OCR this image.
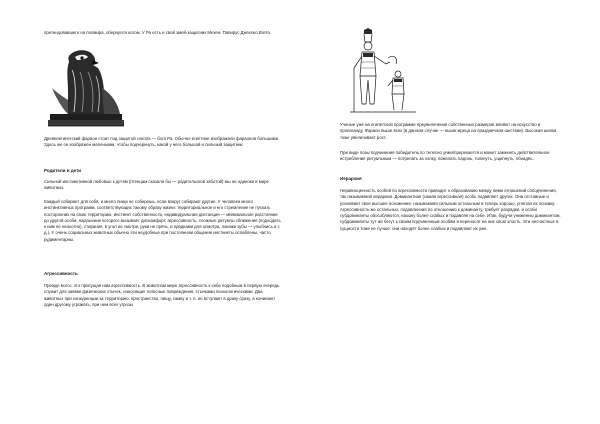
претендовавшего на полмира, обернулся котом. У Ра есть и свой змей-защитник Мехен. Папирус Джеххео Вгета.

Древнеегипетский фараон стоит под защитой сокола — бога Ра. Обычно египтяне изображали фараонов большими. Здесь же он изображен маленьким, чтобы подчеркнуть, какой у него большой и сильный защитник.

Родители и дети

Сильной инстинктивной любовью к детям (птенцам сказали бы — родительской заботой) мы не одиноки в мире животных.

Каждый собирает для себя, и много пищи не соберешь, если вокруг собирают другие. У человека много инстинктивных программ, соответствующих такому образу жизни: территориальное и его стремление не пускать посторонних на свою территорию, инстинкт собственности, индивидуальная дистанция — минимальное расстояние до другой особи, нарушение которого вызывает дискомфорт, агрессивность, сложные ритуалы сближения (подходить к ним не неохотно), стирания, в угол не смотри, руки не прячь, и предками для осмотра, покажи зубы — улыбнись и т. д.). У очень социальных животных обычно эти неудобные при постоянном общении инстинкты ослаблены, часто рудиментарны.

Агрессивность

Прежде всего, это присущая нам агрессивность. В животном мире агрессивность к себе подобным в первую очередь служит для заявки физических стычек, наносящих телесные повреждения, стычками психологическими. Два животных при конкуренции за территорию, пространство, пищу, самку и т. п. не вступают в драку сразу, а начинают один другому угрожать, при нем всех угрозы

Ученые уже на египетской программе преувеличения собственных размеров влияют на искусство и пропаганду. Фараон выше всех (в данном случае — выше жреца на праздничном шествии). Высокая шапка тоже увеличивает рост.

При виде позы подчинения победитель по телесно унмо/пререкается и может заменить действительное истребление ритуальным — потрепать за холку, пожелать ладонь, толкнуть, ущипнуть, обнадёь.

Иерархия

Неравноценность особей по агрессивности приводит к образованию между ними отношений соподчинения, так называемой иерархии. Доминантная (самая агрессивная) особь подавляет других. Она отставные и усиливает свое высшее положение, называемая сильным остальным и теперь хорошо, угнетая их психику. Агрессивность же остальных, подавленная по отношению к доминанту, требует разрядки, и особи субдоминанты обособляются, нахожу более слабых и подавляя на себе. Итак, будучи униженны доминантом, субдоминанты тут же бегут к своим подчиненным особям и переносят на них свою злость. Эти несчастные в сущности тоже не лучше: они находят более слабых и подавляют их уже.
